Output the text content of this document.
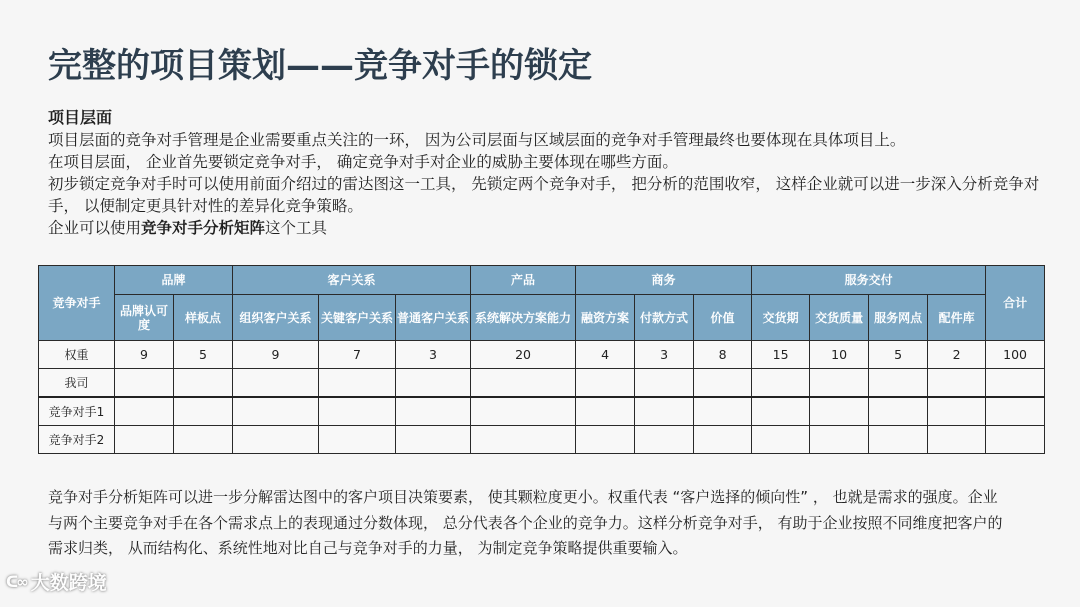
完整的项目策划——竞争对手的锁定
项目层面

项目层面的竞争对手管理是企业需要重点关注的一环， 因为公司层面与区域层面的竞争对手管理最终也要体现在具体项目上。

在项目层面， 企业首先要锁定竞争对手， 确定竞争对手对企业的威胁主要体现在哪些方面。

初步锁定竞争对手时可以使用前面介绍过的雷达图这一工具， 先锁定两个竞争对手， 把分析的范围收窄， 这样企业就可以进一步深入分析竞争对手， 以便制定更具针对性的差异化竞争策略。

企业可以使用竞争对手分析矩阵这个工具

竞争对手	品牌		客户关系			产品	商务			服务交付				合计
	品牌认可度	样板点	组织客户关系	关键客户关系	普通客户关系	系统解决方案能力	融资方案	付款方式	价值	交货期	交货质量	服务网点	配件库	
权重	9	5	9	7	3	20	4	3	8	15	10	5	2	100
我司														
竞争对手1														
竞争对手2														

竞争对手分析矩阵可以进一步分解雷达图中的客户项目决策要素， 使其颗粒度更小。权重代表 “客户选择的倾向性” ， 也就是需求的强度。企业

与两个主要竞争对手在各个需求点上的表现通过分数体现， 总分代表各个企业的竞争力。这样分析竞争对手， 有助于企业按照不同维度把客户的

需求归类， 从而结构化、系统性地对比自己与竞争对手的力量， 为制定竞争策略提供重要输入。

ᑕ∞ 大数跨境
